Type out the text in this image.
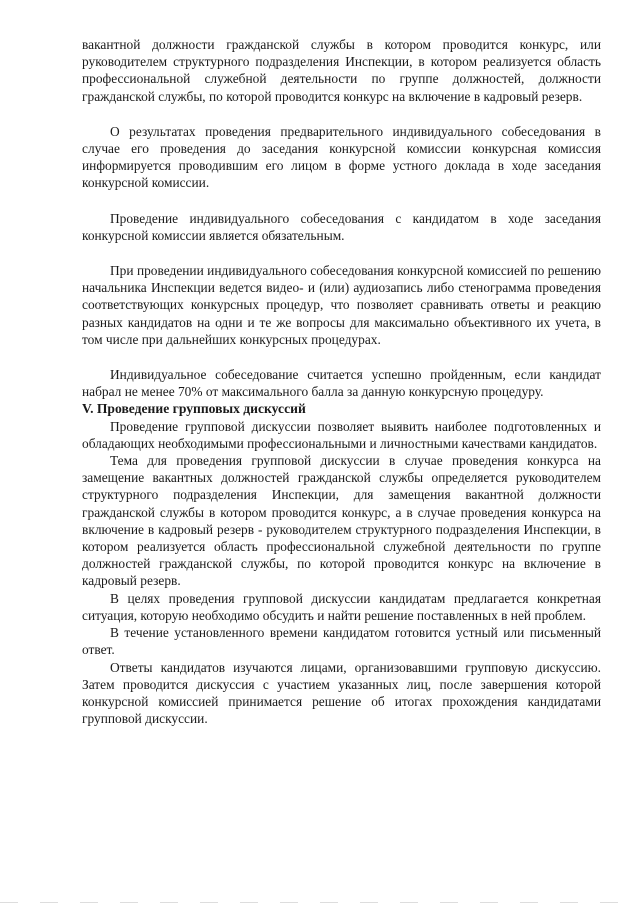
вакантной должности гражданской службы в котором проводится конкурс, или руководителем структурного подразделения Инспекции, в котором реализуется область профессиональной служебной деятельности по группе должностей, должности гражданской службы, по которой проводится конкурс на включение в кадровый резерв.

О результатах проведения предварительного индивидуального собеседования в случае его проведения до заседания конкурсной комиссии конкурсная комиссия информируется проводившим его лицом в форме устного доклада в ходе заседания конкурсной комиссии.

Проведение индивидуального собеседования с кандидатом в ходе заседания конкурсной комиссии является обязательным.

При проведении индивидуального собеседования конкурсной комиссией по решению начальника Инспекции ведется видео- и (или) аудиозапись либо стенограмма проведения соответствующих конкурсных процедур, что позволяет сравнивать ответы и реакцию разных кандидатов на одни и те же вопросы для максимально объективного их учета, в том числе при дальнейших конкурсных процедурах.

Индивидуальное собеседование считается успешно пройденным, если кандидат набрал не менее 70% от максимального балла за данную конкурсную процедуру.

V. Проведение групповых дискуссий

Проведение групповой дискуссии позволяет выявить наиболее подготовленных и обладающих необходимыми профессиональными и личностными качествами кандидатов.

Тема для проведения групповой дискуссии в случае проведения конкурса на замещение вакантных должностей гражданской службы определяется руководителем структурного подразделения Инспекции, для замещения вакантной должности гражданской службы в котором проводится конкурс, а в случае проведения конкурса на включение в кадровый резерв - руководителем структурного подразделения Инспекции, в котором реализуется область профессиональной служебной деятельности по группе должностей гражданской службы, по которой проводится конкурс на включение в кадровый резерв.

В целях проведения групповой дискуссии кандидатам предлагается конкретная ситуация, которую необходимо обсудить и найти решение поставленных в ней проблем.

В течение установленного времени кандидатом готовится устный или письменный ответ.

Ответы кандидатов изучаются лицами, организовавшими групповую дискуссию. Затем проводится дискуссия с участием указанных лиц, после завершения которой конкурсной комиссией принимается решение об итогах прохождения кандидатами групповой дискуссии.
